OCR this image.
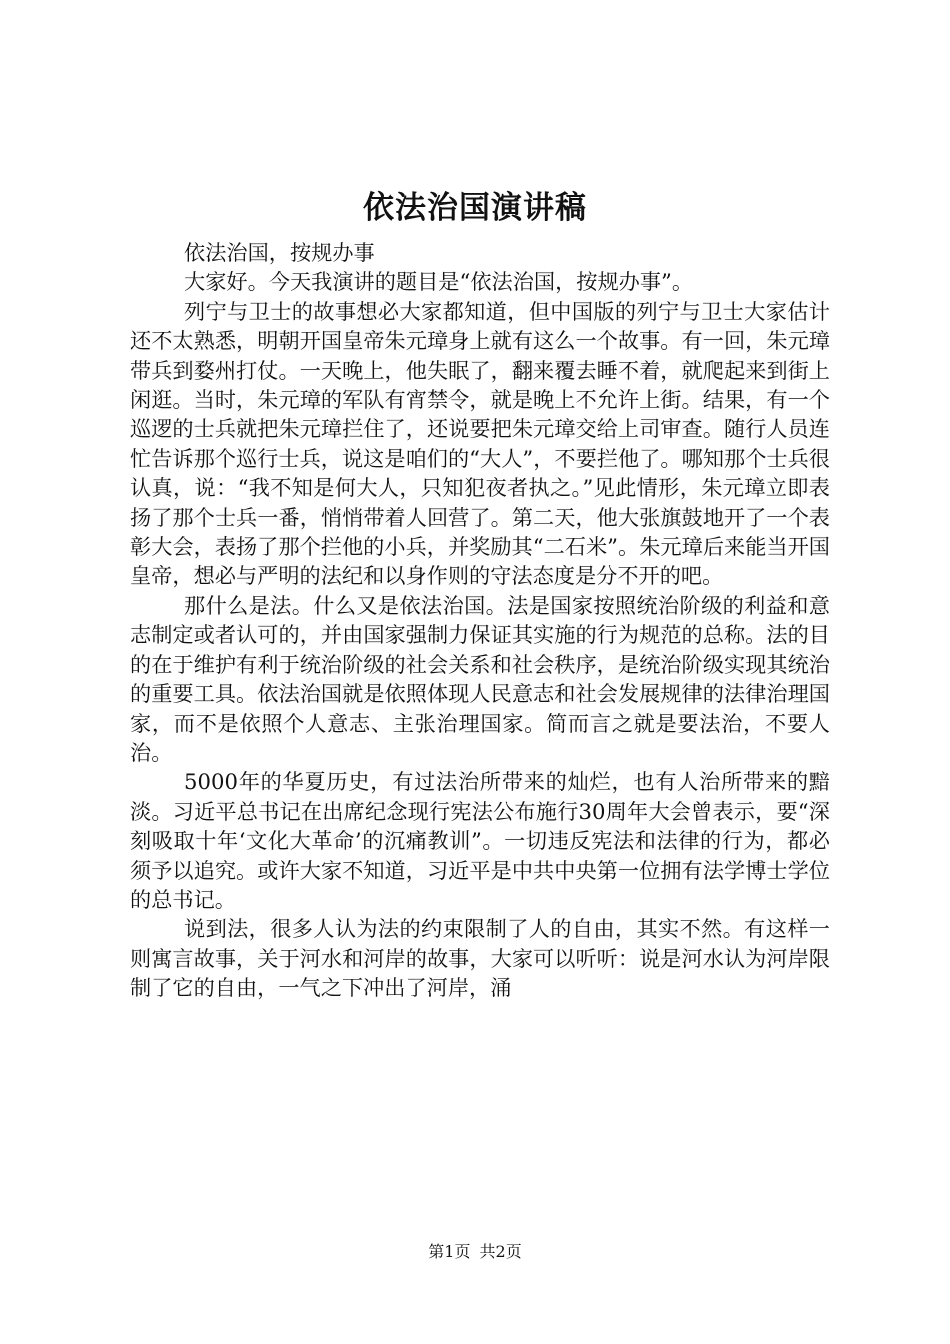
依法治国演讲稿

依法治国，按规办事

大家好。今天我演讲的题目是“依法治国，按规办事”。

列宁与卫士的故事想必大家都知道，但中国版的列宁与卫士大家估计还不太熟悉，明朝开国皇帝朱元璋身上就有这么一个故事。有一回，朱元璋带兵到婺州打仗。一天晚上，他失眠了，翻来覆去睡不着，就爬起来到街上闲逛。当时，朱元璋的军队有宵禁令，就是晚上不允许上街。结果，有一个巡逻的士兵就把朱元璋拦住了，还说要把朱元璋交给上司审查。随行人员连忙告诉那个巡行士兵，说这是咱们的“大人”，不要拦他了。哪知那个士兵很认真，说：“我不知是何大人，只知犯夜者执之。”见此情形，朱元璋立即表扬了那个士兵一番，悄悄带着人回营了。第二天，他大张旗鼓地开了一个表彰大会，表扬了那个拦他的小兵，并奖励其“二石米”。朱元璋后来能当开国皇帝，想必与严明的法纪和以身作则的守法态度是分不开的吧。

那什么是法。什么又是依法治国。法是国家按照统治阶级的利益和意志制定或者认可的，并由国家强制力保证其实施的行为规范的总称。法的目的在于维护有利于统治阶级的社会关系和社会秩序，是统治阶级实现其统治的重要工具。依法治国就是依照体现人民意志和社会发展规律的法律治理国家，而不是依照个人意志、主张治理国家。简而言之就是要法治，不要人治。

5000年的华夏历史，有过法治所带来的灿烂，也有人治所带来的黯淡。习近平总书记在出席纪念现行宪法公布施行30周年大会曾表示，要“深刻吸取十年‘文化大革命’的沉痛教训”。一切违反宪法和法律的行为，都必须予以追究。或许大家不知道，习近平是中共中央第一位拥有法学博士学位的总书记。

说到法，很多人认为法的约束限制了人的自由，其实不然。有这样一则寓言故事，关于河水和河岸的故事，大家可以听听：说是河水认为河岸限制了它的自由，一气之下冲出了河岸，涌

第1页 共2页
